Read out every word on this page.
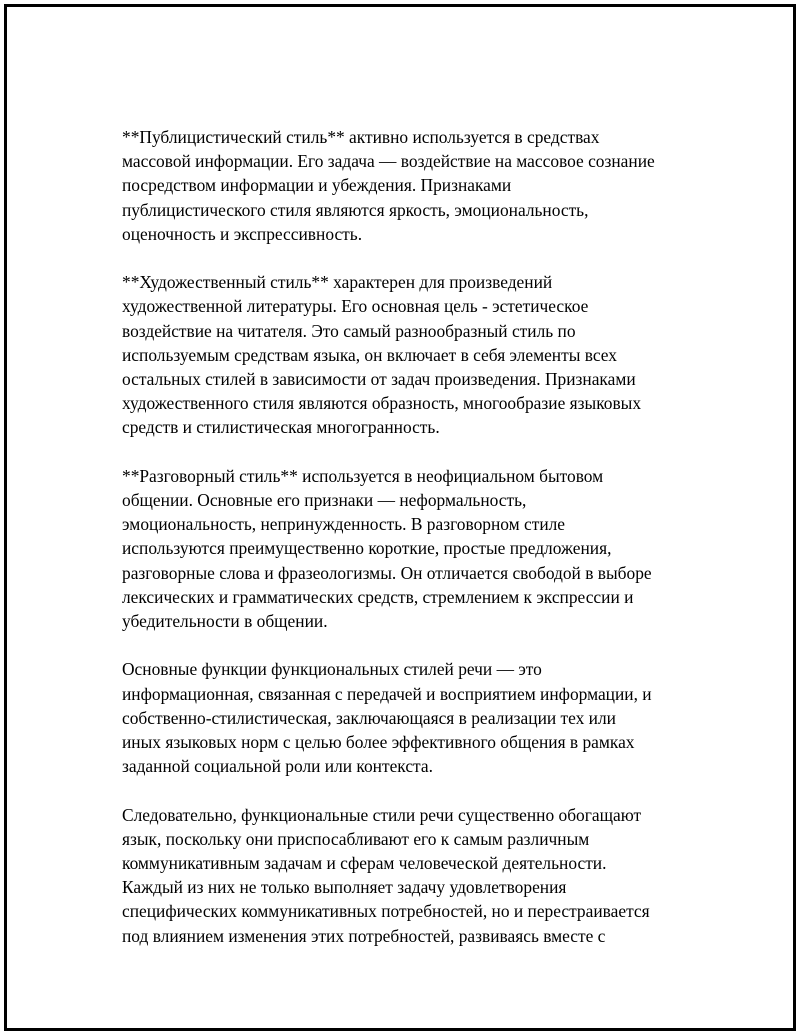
**Публицистический стиль** активно используется в средствах
массовой информации. Его задача — воздействие на массовое сознание
посредством информации и убеждения. Признаками
публицистического стиля являются яркость, эмоциональность,
оценочность и экспрессивность.

**Художественный стиль** характерен для произведений
художественной литературы. Его основная цель - эстетическое
воздействие на читателя. Это самый разнообразный стиль по
используемым средствам языка, он включает в себя элементы всех
остальных стилей в зависимости от задач произведения. Признаками
художественного стиля являются образность, многообразие языковых
средств и стилистическая многогранность.

**Разговорный стиль** используется в неофициальном бытовом
общении. Основные его признаки — неформальность,
эмоциональность, непринужденность. В разговорном стиле
используются преимущественно короткие, простые предложения,
разговорные слова и фразеологизмы. Он отличается свободой в выборе
лексических и грамматических средств, стремлением к экспрессии и
убедительности в общении.

Основные функции функциональных стилей речи — это
информационная, связанная с передачей и восприятием информации, и
собственно-стилистическая, заключающаяся в реализации тех или
иных языковых норм с целью более эффективного общения в рамках
заданной социальной роли или контекста.

Следовательно, функциональные стили речи существенно обогащают
язык, поскольку они приспосабливают его к самым различным
коммуникативным задачам и сферам человеческой деятельности.
Каждый из них не только выполняет задачу удовлетворения
специфических коммуникативных потребностей, но и перестраивается
под влиянием изменения этих потребностей, развиваясь вместе с
